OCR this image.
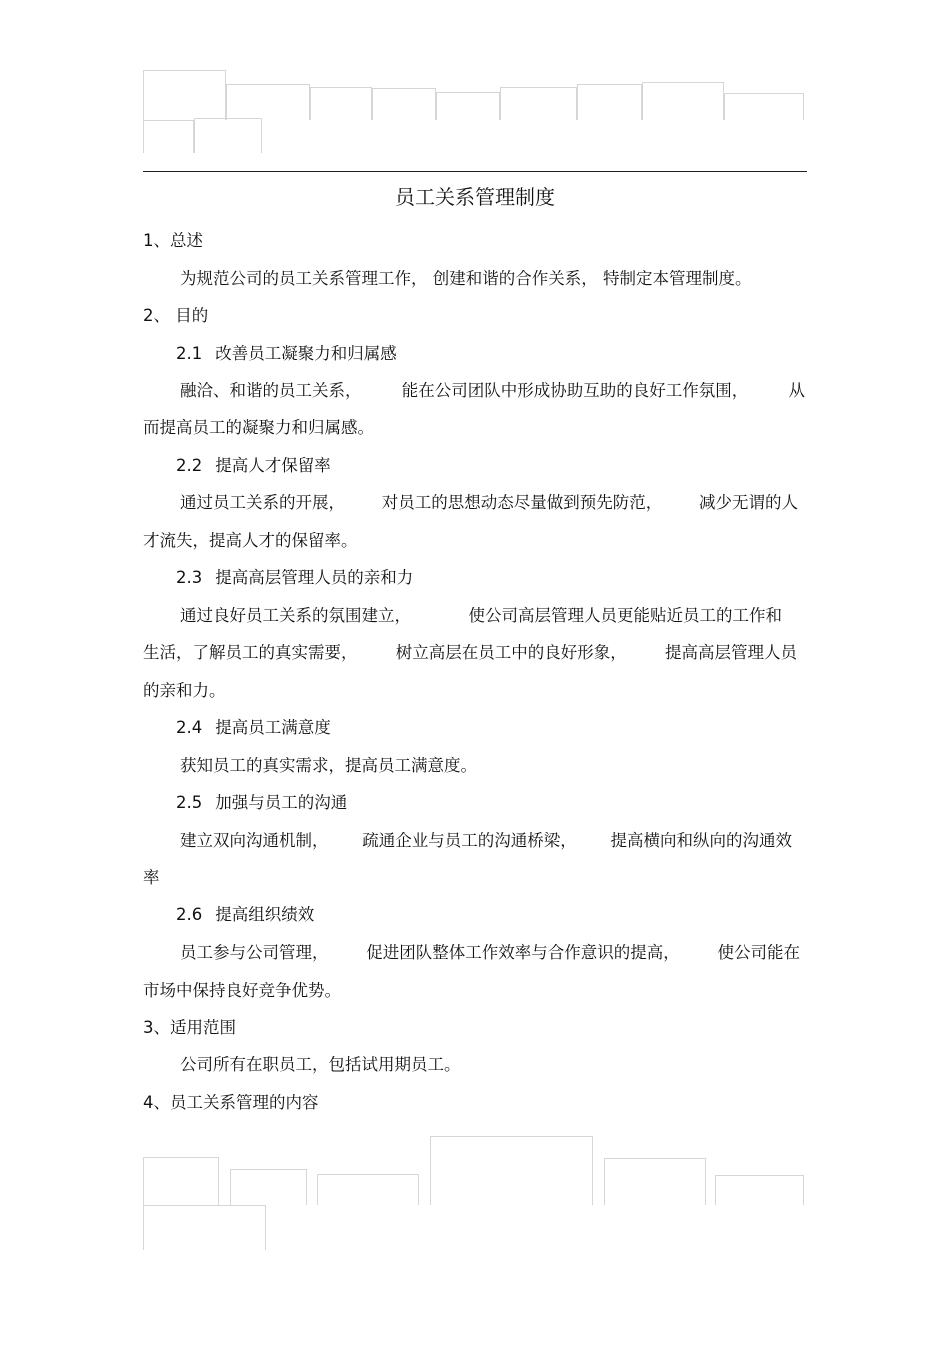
员工关系管理制度
1、总述
为规范公司的员工关系管理工作， 创建和谐的合作关系， 特制定本管理制度。
2、 目的
2.1 改善员工凝聚力和归属感
融洽、和谐的员工关系， 能在公司团队中形成协助互助的良好工作氛围， 从
而提高员工的凝聚力和归属感。
2.2 提高人才保留率
通过员工关系的开展， 对员工的思想动态尽量做到预先防范， 减少无谓的人
才流失，提高人才的保留率。
2.3 提高高层管理人员的亲和力
通过良好员工关系的氛围建立，	使公司高层管理人员更能贴近员工的工作和
生活，了解员工的真实需要， 树立高层在员工中的良好形象， 提高高层管理人员
的亲和力。
2.4 提高员工满意度
获知员工的真实需求，提高员工满意度。
2.5 加强与员工的沟通
建立双向沟通机制， 疏通企业与员工的沟通桥梁， 提高横向和纵向的沟通效
率
2.6 提高组织绩效
员工参与公司管理， 促进团队整体工作效率与合作意识的提高， 使公司能在
市场中保持良好竞争优势。
3、适用范围
公司所有在职员工，包括试用期员工。
4、员工关系管理的内容
